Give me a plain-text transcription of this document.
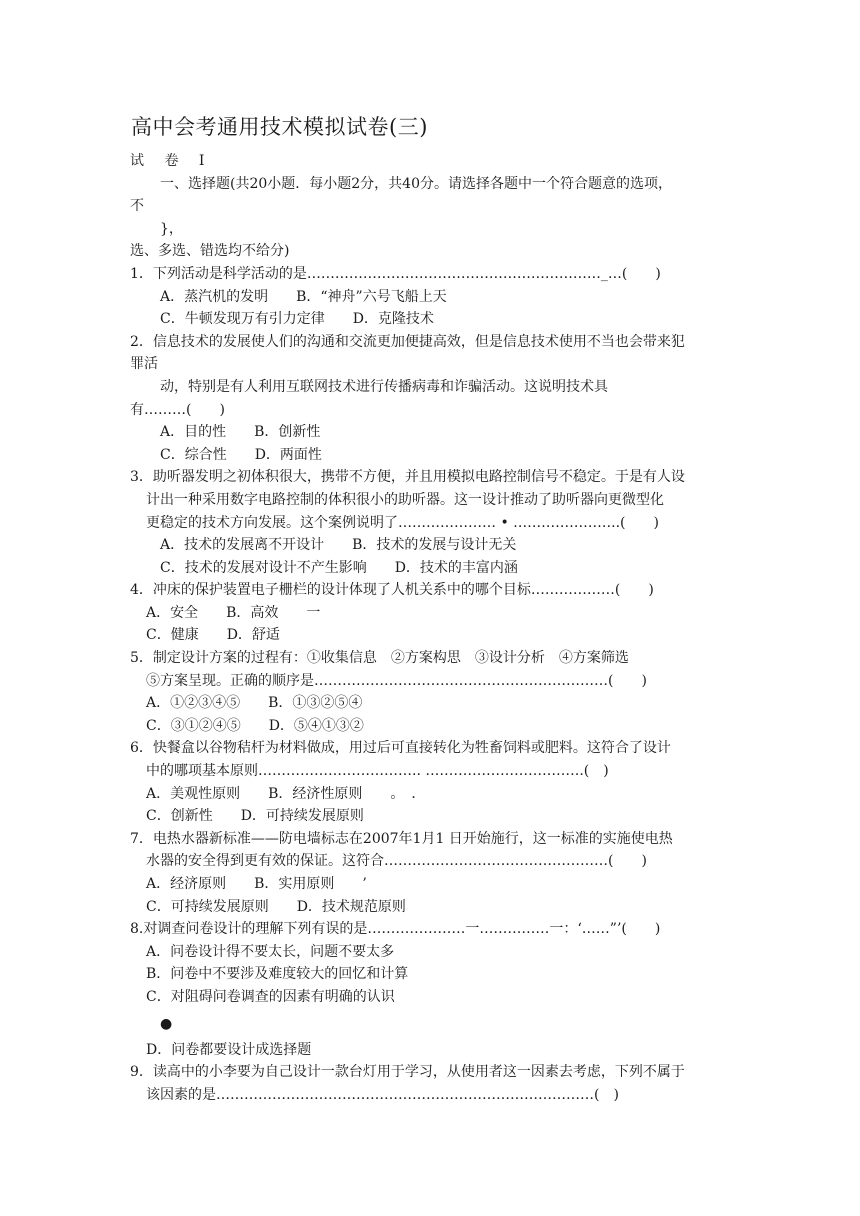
高中会考通用技术模拟试卷(三)
试 卷 I
一、选择题(共20小题．每小题2分，共40分。请选择各题中一个符合题意的选项，
不
}，
选、多选、错选均不给分)
1．下列活动是科学活动的是………………………………………………………_…(　　)
A．蒸汽机的发明　　B．“神舟”六号飞船上天
C．牛顿发现万有引力定律　　D．克隆技术
2．信息技术的发展使人们的沟通和交流更加便捷高效，但是信息技术使用不当也会带来犯
罪活
动，特别是有人利用互联网技术进行传播病毒和诈骗活动。这说明技术具
有………(　　)
A．目的性　　B．创新性
C．综合性　　D．两面性
3．助听器发明之初体积很大，携带不方便，并且用模拟电路控制信号不稳定。于是有人设
计出一种采用数字电路控制的体积很小的助听器。这一设计推动了助听器向更微型化
更稳定的技术方向发展。这个案例说明了………………… • …………………..(　　)
A．技术的发展离不开设计　　B．技术的发展与设计无关
C．技术的发展对设计不产生影响　　D．技术的丰富内涵
4．冲床的保护装置电子栅栏的设计体现了人机关系中的哪个目标………………(　　)
A．安全　　B．高效　　一
C．健康　　D．舒适
5．制定设计方案的过程有：①收集信息　②方案构思　③设计分析　④方案筛选
⑤方案呈现。正确的顺序是………………………………………………………(　　)
A．①②③④⑤　　B．①③②⑤④
C．③①②④⑤　　D．⑤④①③②
6．快餐盒以谷物秸杆为材料做成，用过后可直接转化为牲畜饲料或肥料。这符合了设计
中的哪项基本原则…………………………….. …………………………….(　)
A．美观性原则　　B．经济性原则　　。　．
C．创新性　　D．可持续发展原则
7．电热水器新标准——防电墙标志在2007年1月1 日开始施行，这一标准的实施使电热
水器的安全得到更有效的保证。这符合…………………………………………(　　)
A．经济原则　　B．实用原则　　’
C．可持续发展原则　　D．技术规范原则
8.对调查问卷设计的理解下列有误的是…………………一……………一：‘……”’(　　)
A．问卷设计得不要太长，问题不要太多
B．问卷中不要涉及难度较大的回忆和计算
C．对阻碍问卷调查的因素有明确的认识
●
D．问卷都要设计成选择题
9．读高中的小李要为自己设计一款台灯用于学习，从使用者这一因素去考虑，下列不属于
该因素的是………………………………………………………………………(　)
